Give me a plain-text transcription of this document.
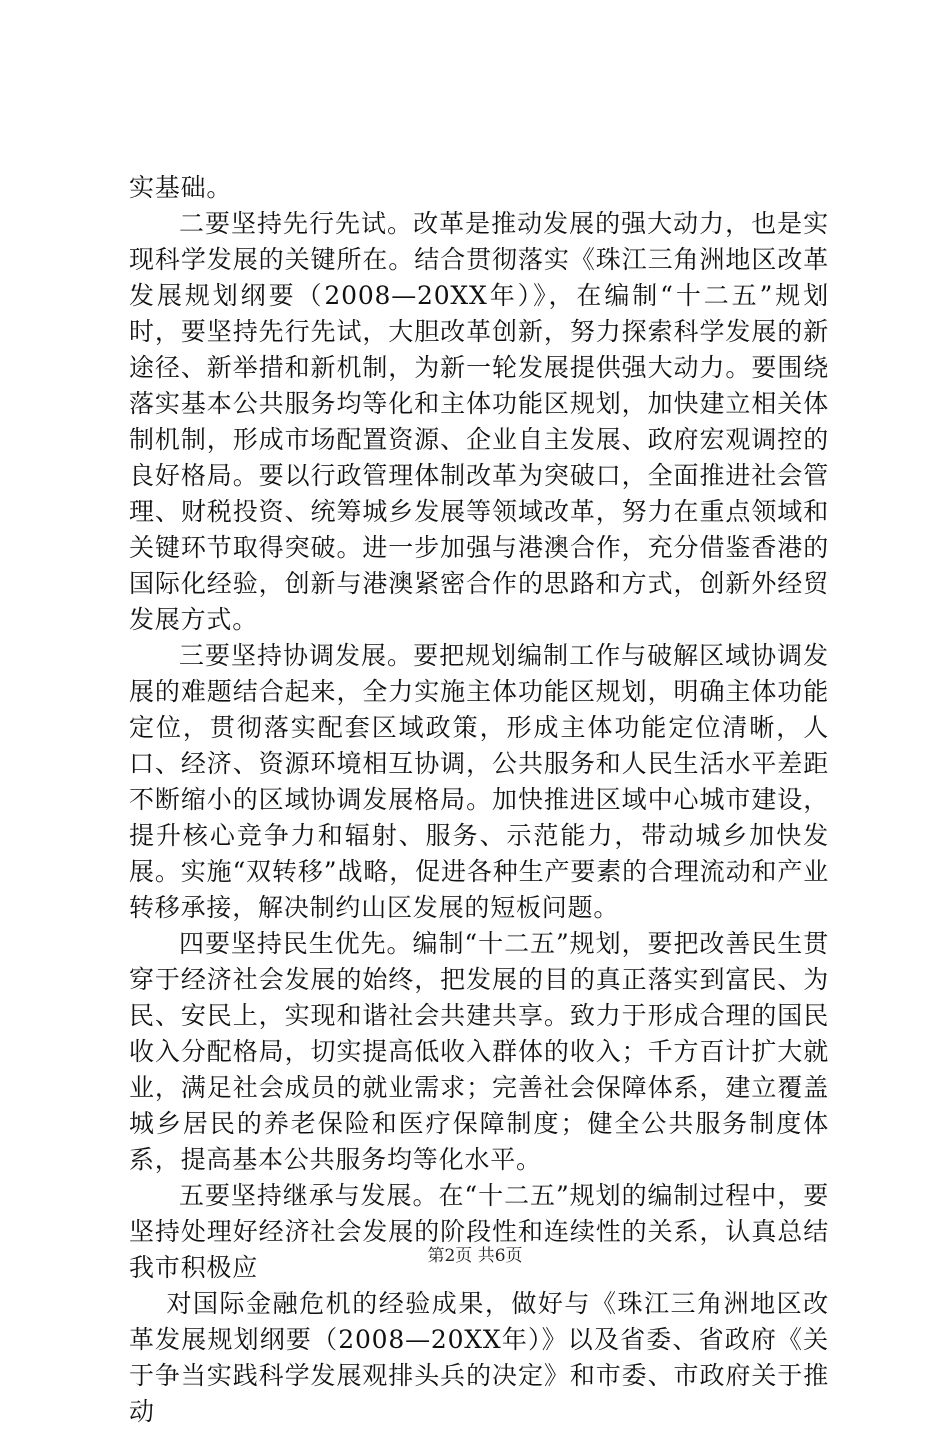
实基础。

二要坚持先行先试。改革是推动发展的强大动力，也是实现科学发展的关键所在。结合贯彻落实《珠江三角洲地区改革发展规划纲要（2008—20XX年）》，在编制“十二五”规划时，要坚持先行先试，大胆改革创新，努力探索科学发展的新途径、新举措和新机制，为新一轮发展提供强大动力。要围绕落实基本公共服务均等化和主体功能区规划，加快建立相关体制机制，形成市场配置资源、企业自主发展、政府宏观调控的良好格局。要以行政管理体制改革为突破口，全面推进社会管理、财税投资、统筹城乡发展等领域改革，努力在重点领域和关键环节取得突破。进一步加强与港澳合作，充分借鉴香港的国际化经验，创新与港澳紧密合作的思路和方式，创新外经贸发展方式。

三要坚持协调发展。要把规划编制工作与破解区域协调发展的难题结合起来，全力实施主体功能区规划，明确主体功能定位，贯彻落实配套区域政策，形成主体功能定位清晰，人口、经济、资源环境相互协调，公共服务和人民生活水平差距不断缩小的区域协调发展格局。加快推进区域中心城市建设，提升核心竞争力和辐射、服务、示范能力，带动城乡加快发展。实施“双转移”战略，促进各种生产要素的合理流动和产业转移承接，解决制约山区发展的短板问题。

四要坚持民生优先。编制“十二五”规划，要把改善民生贯穿于经济社会发展的始终，把发展的目的真正落实到富民、为民、安民上，实现和谐社会共建共享。致力于形成合理的国民收入分配格局，切实提高低收入群体的收入；千方百计扩大就业，满足社会成员的就业需求；完善社会保障体系，建立覆盖城乡居民的养老保险和医疗保障制度；健全公共服务制度体系，提高基本公共服务均等化水平。

五要坚持继承与发展。在“十二五”规划的编制过程中，要坚持处理好经济社会发展的阶段性和连续性的关系，认真总结我市积极应

对国际金融危机的经验成果，做好与《珠江三角洲地区改革发展规划纲要（2008—20XX年）》以及省委、省政府《关于争当实践科学发展观排头兵的决定》和市委、市政府关于推动

第2页 共6页
